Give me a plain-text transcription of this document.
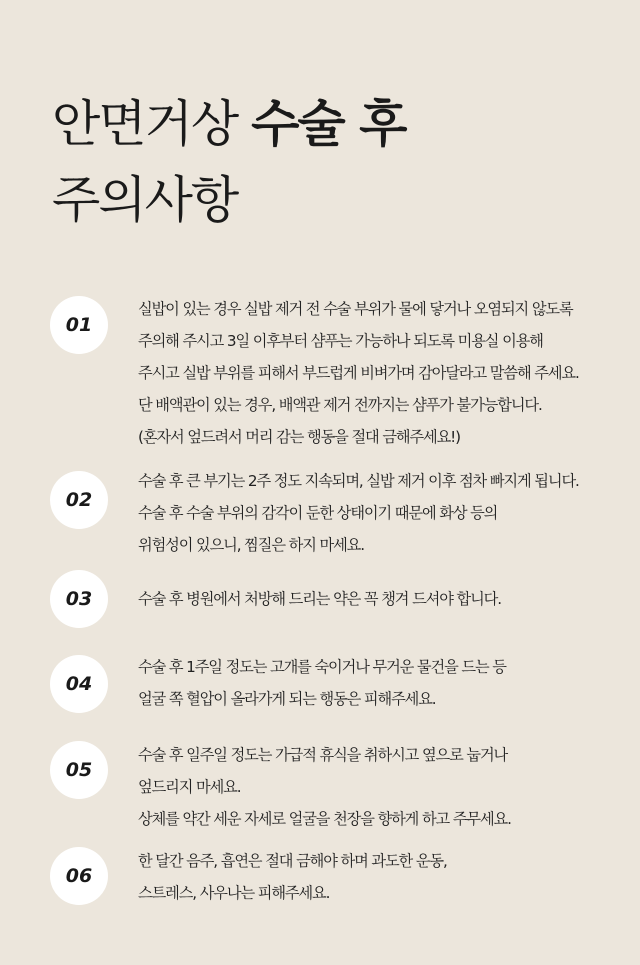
안면거상 수술 후
주의사항
01
실밥이 있는 경우 실밥 제거 전 수술 부위가 물에 닿거나 오염되지 않도록
주의해 주시고 3일 이후부터 샴푸는 가능하나 되도록 미용실 이용해
주시고 실밥 부위를 피해서 부드럽게 비벼가며 감아달라고 말씀해 주세요.
단 배액관이 있는 경우, 배액관 제거 전까지는 샴푸가 불가능합니다.
(혼자서 엎드려서 머리 감는 행동을 절대 금해주세요!)
02
수술 후 큰 부기는 2주 정도 지속되며, 실밥 제거 이후 점차 빠지게 됩니다.
수술 후 수술 부위의 감각이 둔한 상태이기 때문에 화상 등의
위험성이 있으니, 찜질은 하지 마세요.
03	수술 후 병원에서 처방해 드리는 약은 꼭 챙겨 드셔야 합니다.
04
수술 후 1주일 정도는 고개를 숙이거나 무거운 물건을 드는 등
얼굴 쪽 혈압이 올라가게 되는 행동은 피해주세요.
05
수술 후 일주일 정도는 가급적 휴식을 취하시고 옆으로 눕거나
엎드리지 마세요.
상체를 약간 세운 자세로 얼굴을 천장을 향하게 하고 주무세요.
06
한 달간 음주, 흡연은 절대 금해야 하며 과도한 운동,
스트레스, 사우나는 피해주세요.
